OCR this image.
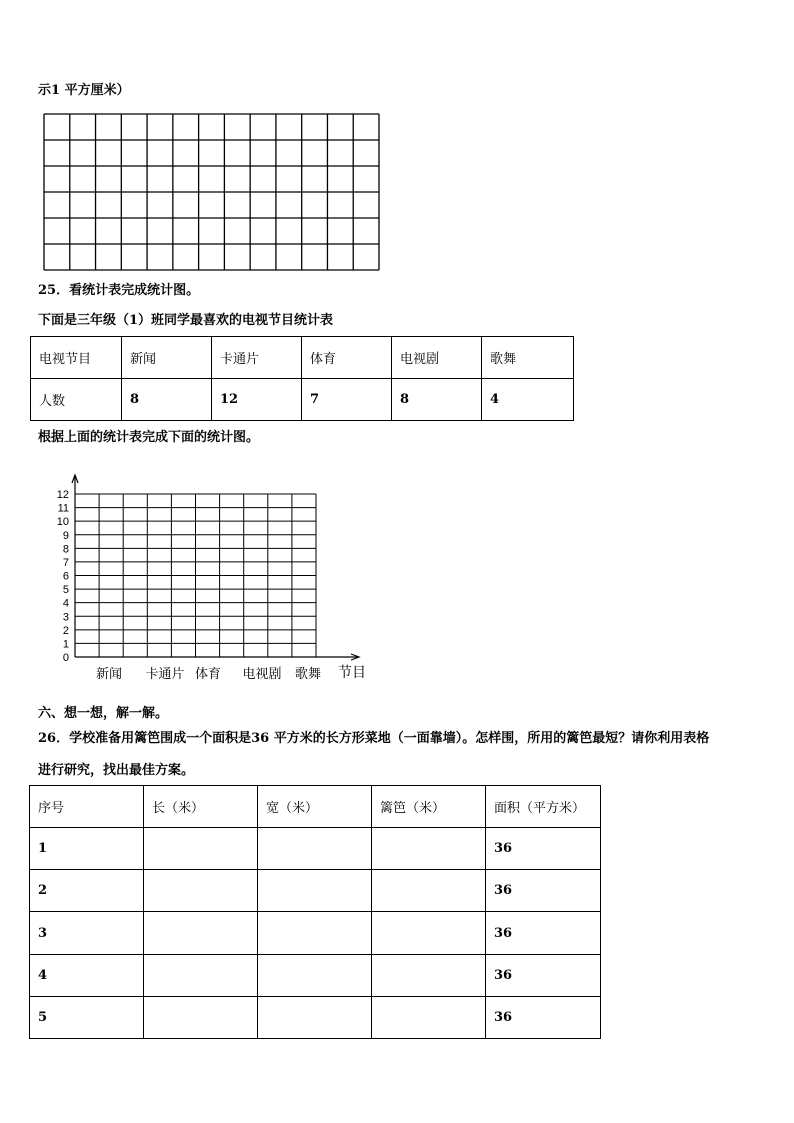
示1 平方厘米）
25．看统计表完成统计图。
下面是三年级（1）班同学最喜欢的电视节目统计表
电视节目	新闻	卡通片	体育	电视剧	歌舞
人数	8	12	7	8	4
根据上面的统计表完成下面的统计图。
0
1
2
3
4
5
6
7
8
9
10
11
12
新闻 卡通片 体育 电视剧 歌舞 节目
六、想一想，解一解。
26．学校准备用篱笆围成一个面积是36 平方米的长方形菜地（一面靠墙）。怎样围，所用的篱笆最短？请你利用表格
进行研究，找出最佳方案。
序号	长（米）	宽（米）	篱笆（米）	面积（平方米）
1				36
2				36
3				36
4				36
5				36
